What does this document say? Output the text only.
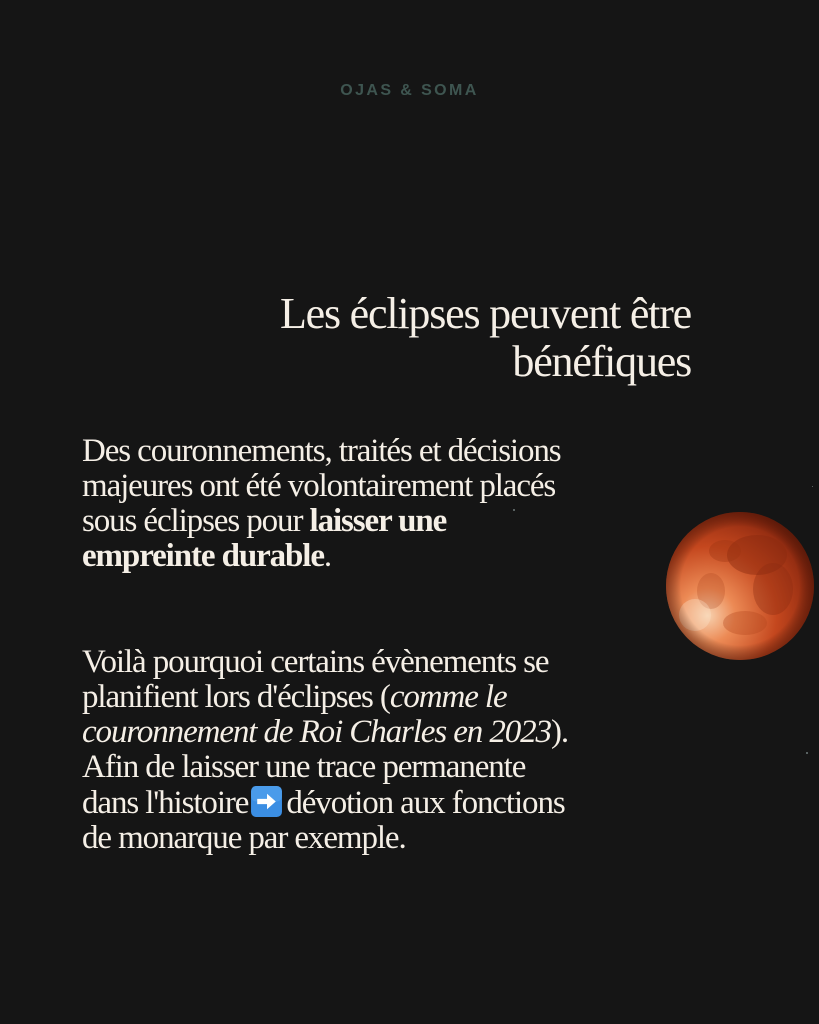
OJAS & SOMA
Les éclipses peuvent être
bénéfiques
Des couronnements, traités et décisions
majeures ont été volontairement placés
sous éclipses pour laisser une
empreinte durable.
Voilà pourquoi certains évènements se
planifient lors d'éclipses (comme le
couronnement de Roi Charles en 2023).
Afin de laisser une trace permanente
dans l'histoire dévotion aux fonctions
de monarque par exemple.
